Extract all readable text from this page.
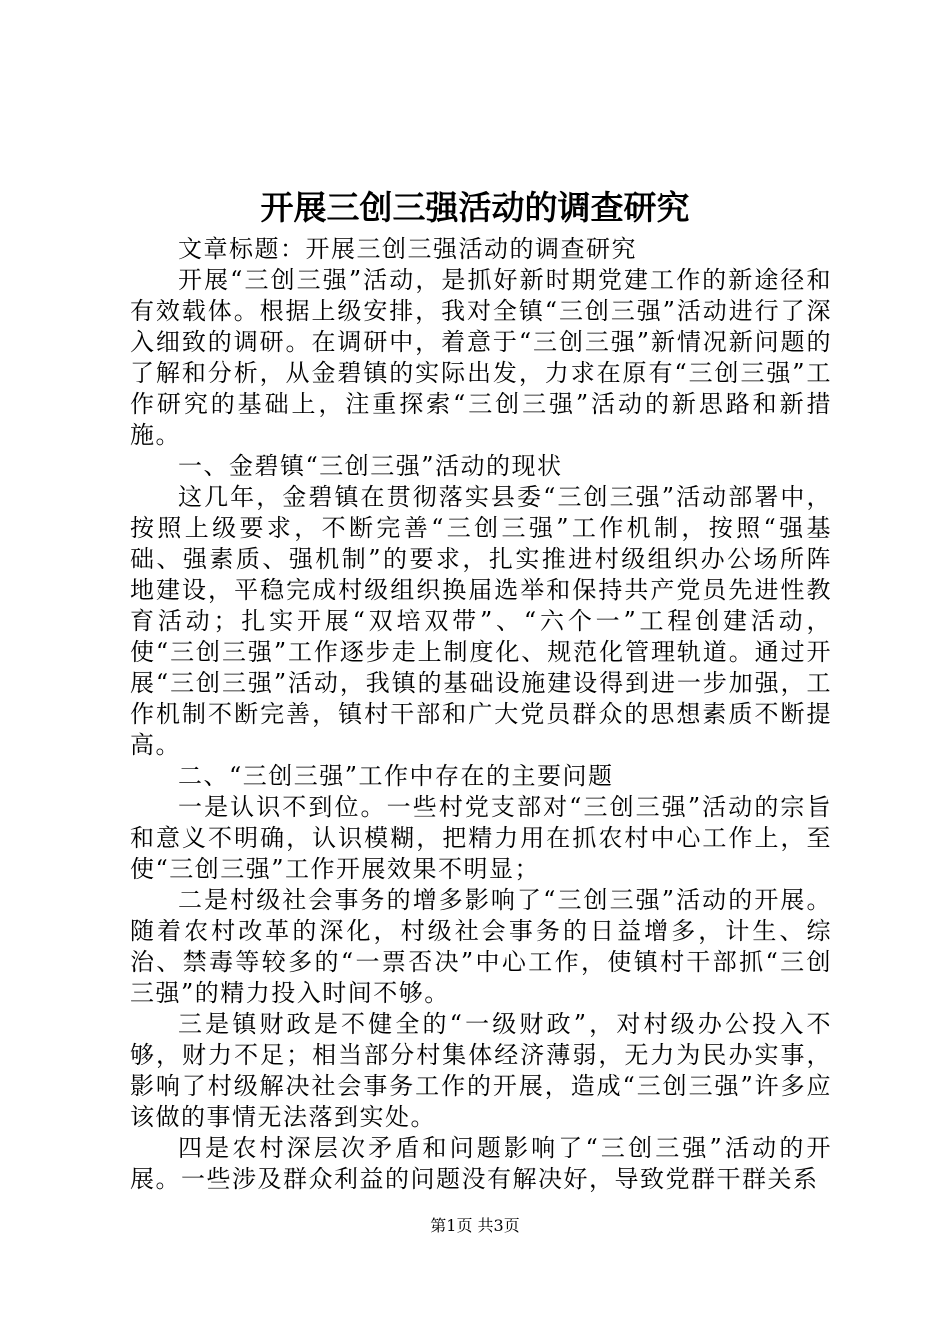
开展三创三强活动的调查研究

文章标题：开展三创三强活动的调查研究

开展“三创三强”活动，是抓好新时期党建工作的新途径和有效载体。根据上级安排，我对全镇“三创三强”活动进行了深入细致的调研。在调研中，着意于“三创三强”新情况新问题的了解和分析，从金碧镇的实际出发，力求在原有“三创三强”工作研究的基础上，注重探索“三创三强”活动的新思路和新措施。

一、金碧镇“三创三强”活动的现状

这几年，金碧镇在贯彻落实县委“三创三强”活动部署中，按照上级要求，不断完善“三创三强”工作机制，按照“强基础、强素质、强机制”的要求，扎实推进村级组织办公场所阵地建设，平稳完成村级组织换届选举和保持共产党员先进性教育活动；扎实开展“双培双带”、“六个一”工程创建活动，使“三创三强”工作逐步走上制度化、规范化管理轨道。通过开展“三创三强”活动，我镇的基础设施建设得到进一步加强，工作机制不断完善，镇村干部和广大党员群众的思想素质不断提高。

二、“三创三强”工作中存在的主要问题

一是认识不到位。一些村党支部对“三创三强”活动的宗旨和意义不明确，认识模糊，把精力用在抓农村中心工作上，至使“三创三强”工作开展效果不明显；

二是村级社会事务的增多影响了“三创三强”活动的开展。随着农村改革的深化，村级社会事务的日益增多，计生、综治、禁毒等较多的“一票否决”中心工作，使镇村干部抓“三创三强”的精力投入时间不够。

三是镇财政是不健全的“一级财政”，对村级办公投入不够，财力不足；相当部分村集体经济薄弱，无力为民办实事，影响了村级解决社会事务工作的开展，造成“三创三强”许多应该做的事情无法落到实处。

四是农村深层次矛盾和问题影响了“三创三强”活动的开展。一些涉及群众利益的问题没有解决好，导致党群干群关系

第1页 共3页
